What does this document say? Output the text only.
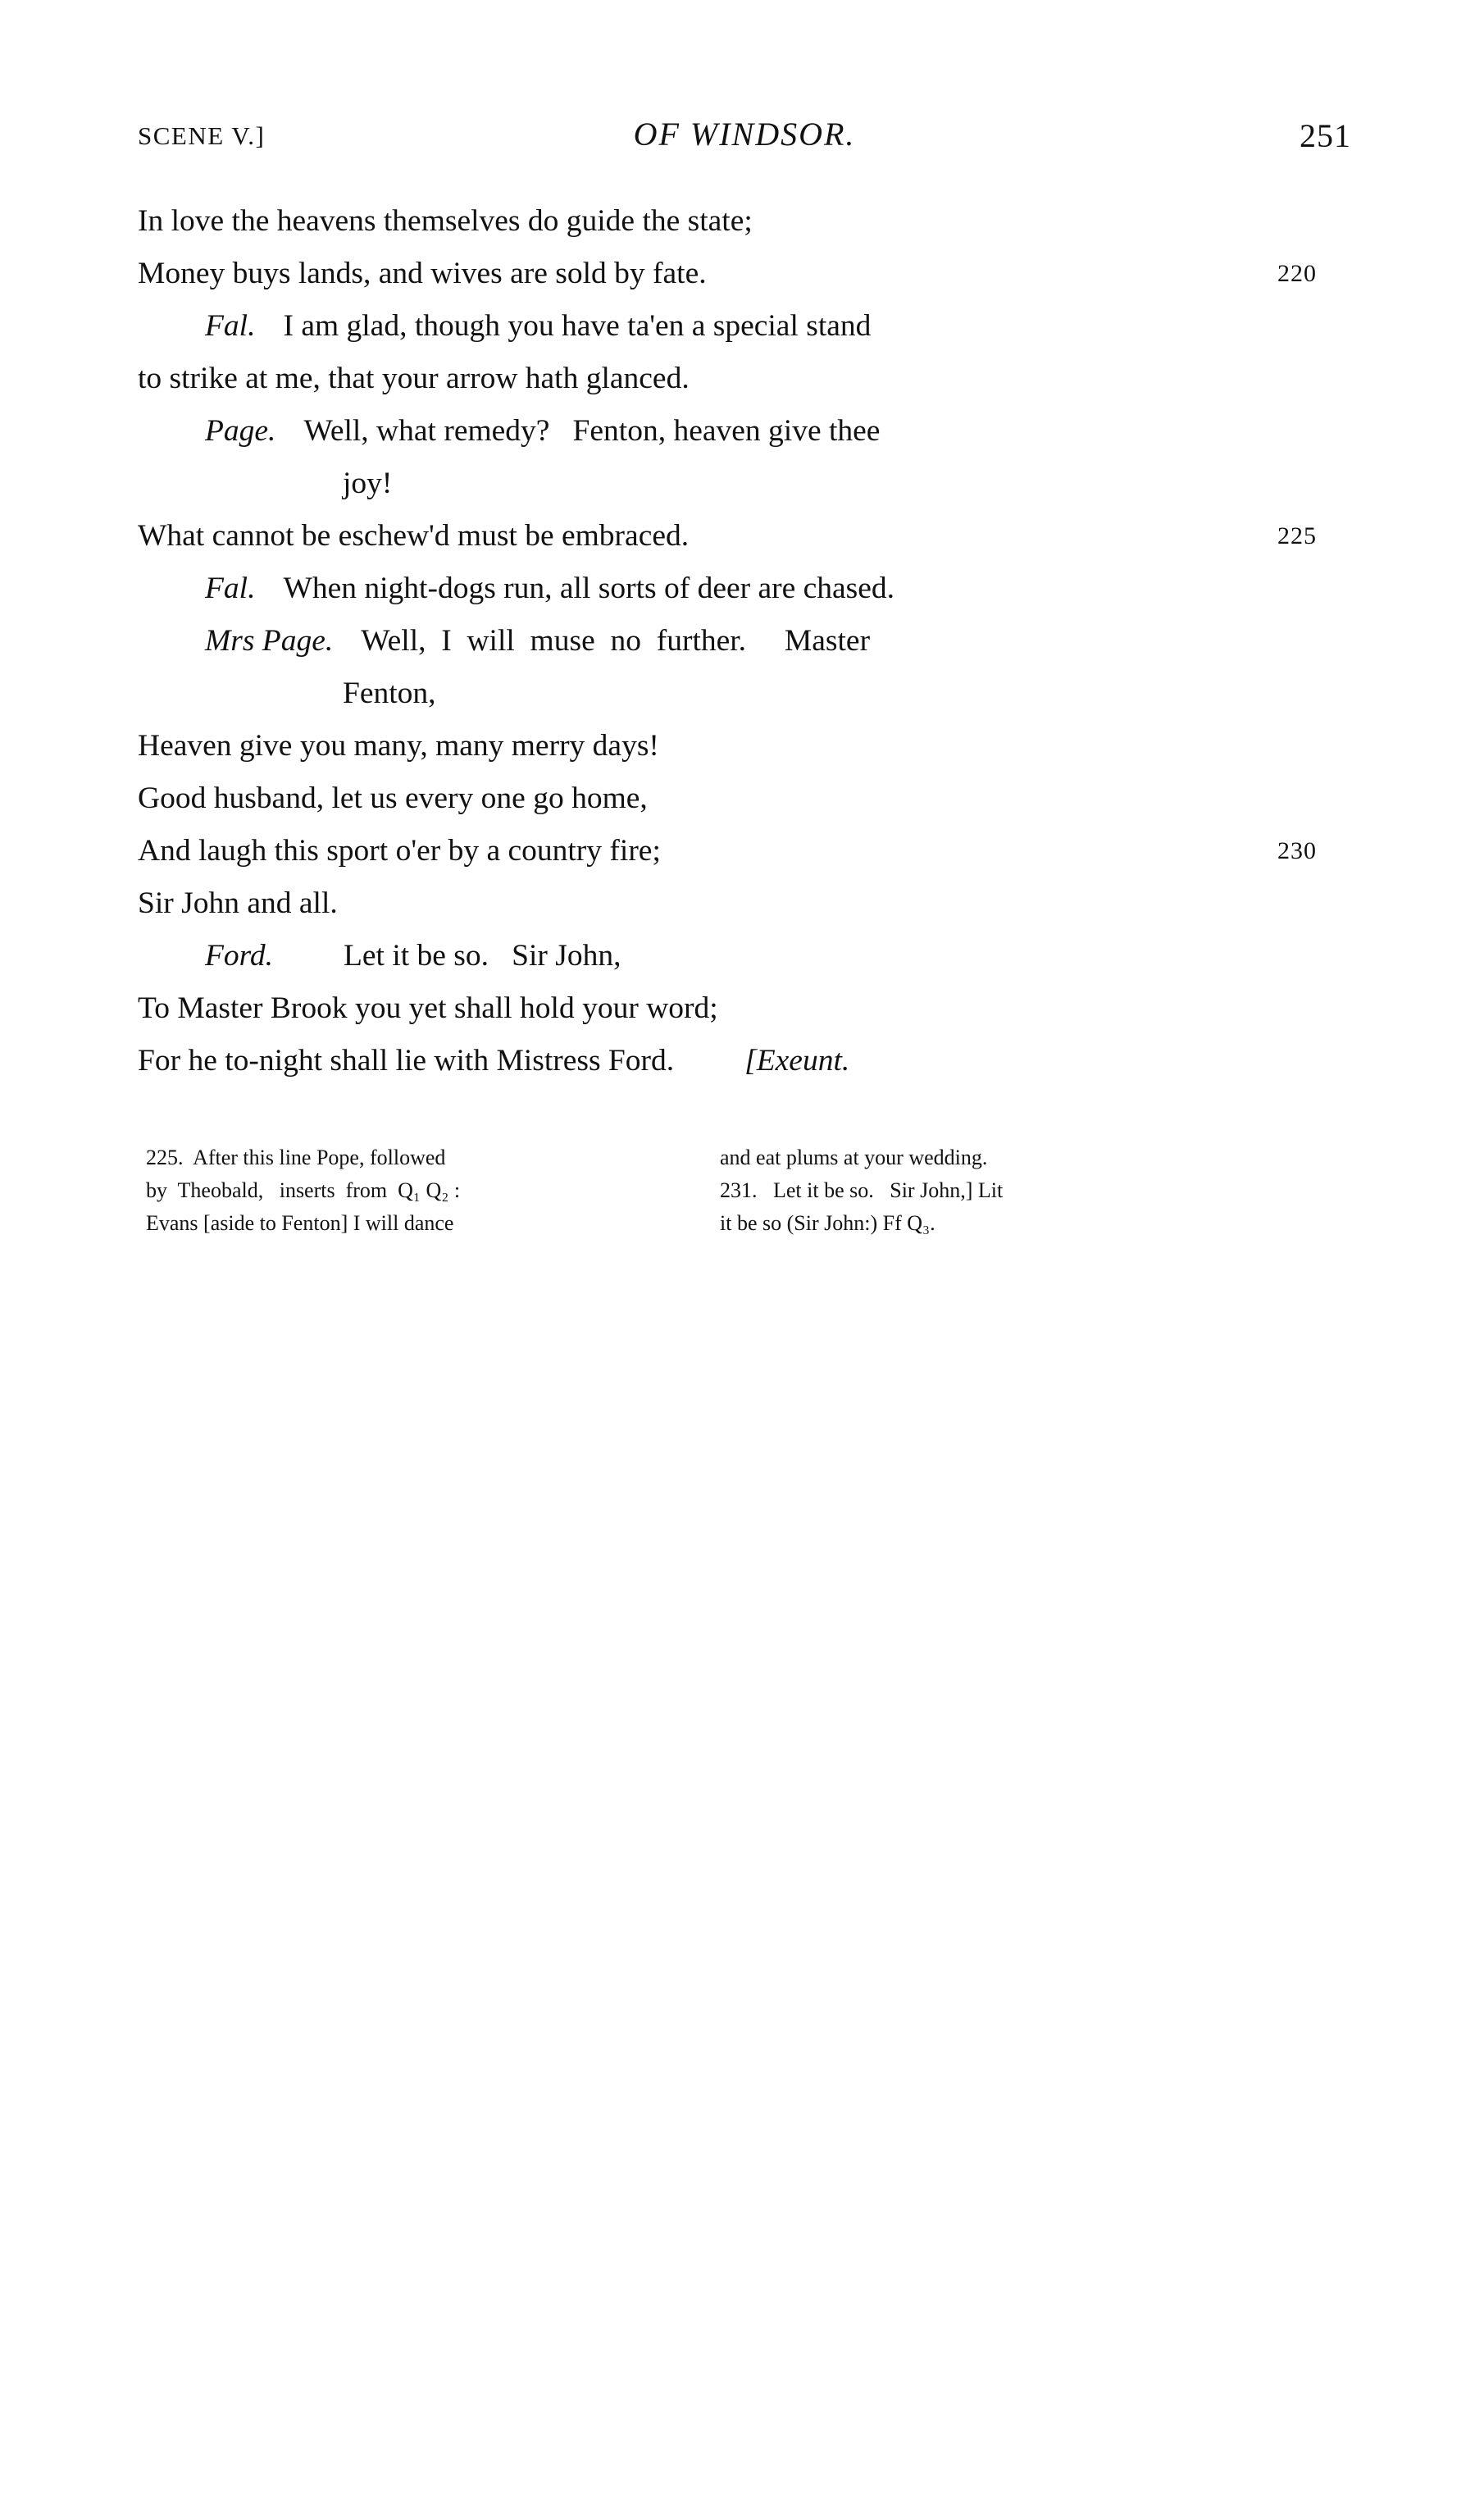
SCENE V.]	OF WINDSOR.	251
In love the heavens themselves do guide the state;
Money buys lands, and wives are sold by fate.	220
Fal. I am glad, though you have ta'en a special stand
to strike at me, that your arrow hath glanced.
Page. Well, what remedy?   Fenton, heaven give thee
joy!
What cannot be eschew'd must be embraced.	225
Fal. When night-dogs run, all sorts of deer are chased.
Mrs Page. Well,  I  will  muse  no  further.     Master
Fenton,
Heaven give you many, many merry days!
Good husband, let us every one go home,
And laugh this sport o'er by a country fire;	230
Sir John and all.
Ford. Let it be so.   Sir John,
To Master Brook you yet shall hold your word;
For he to-night shall lie with Mistress Ford. [Exeunt.
225.  After this line Pope, followed
by  Theobald,   inserts  from  Q₁ Q₂ :
Evans [aside to Fenton] I will dance
and eat plums at your wedding.
231.   Let it be so.   Sir John,] Lit
it be so (Sir John:) Ff Q₃.
